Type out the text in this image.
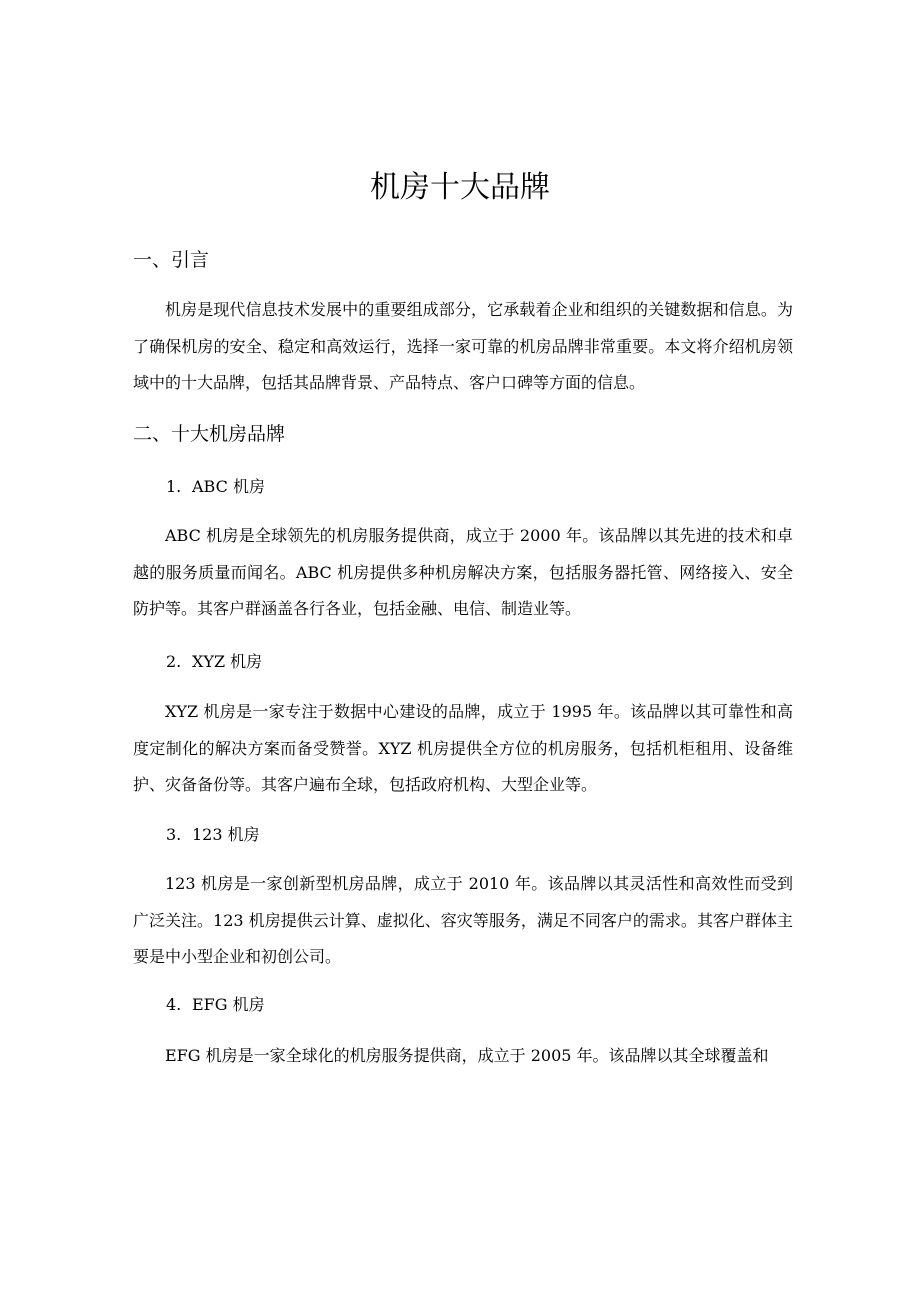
机房十大品牌
一、引言

机房是现代信息技术发展中的重要组成部分，它承载着企业和组织的关键数据和信息。为了确保机房的安全、稳定和高效运行，选择一家可靠的机房品牌非常重要。本文将介绍机房领域中的十大品牌，包括其品牌背景、产品特点、客户口碑等方面的信息。

二、十大机房品牌
1. ABC 机房

ABC 机房是全球领先的机房服务提供商，成立于 2000 年。该品牌以其先进的技术和卓越的服务质量而闻名。ABC 机房提供多种机房解决方案，包括服务器托管、网络接入、安全防护等。其客户群涵盖各行各业，包括金融、电信、制造业等。

2. XYZ 机房

XYZ 机房是一家专注于数据中心建设的品牌，成立于 1995 年。该品牌以其可靠性和高度定制化的解决方案而备受赞誉。XYZ 机房提供全方位的机房服务，包括机柜租用、设备维护、灾备备份等。其客户遍布全球，包括政府机构、大型企业等。

3. 123 机房

123 机房是一家创新型机房品牌，成立于 2010 年。该品牌以其灵活性和高效性而受到广泛关注。123 机房提供云计算、虚拟化、容灾等服务，满足不同客户的需求。其客户群体主要是中小型企业和初创公司。

4. EFG 机房

EFG 机房是一家全球化的机房服务提供商，成立于 2005 年。该品牌以其全球覆盖和
